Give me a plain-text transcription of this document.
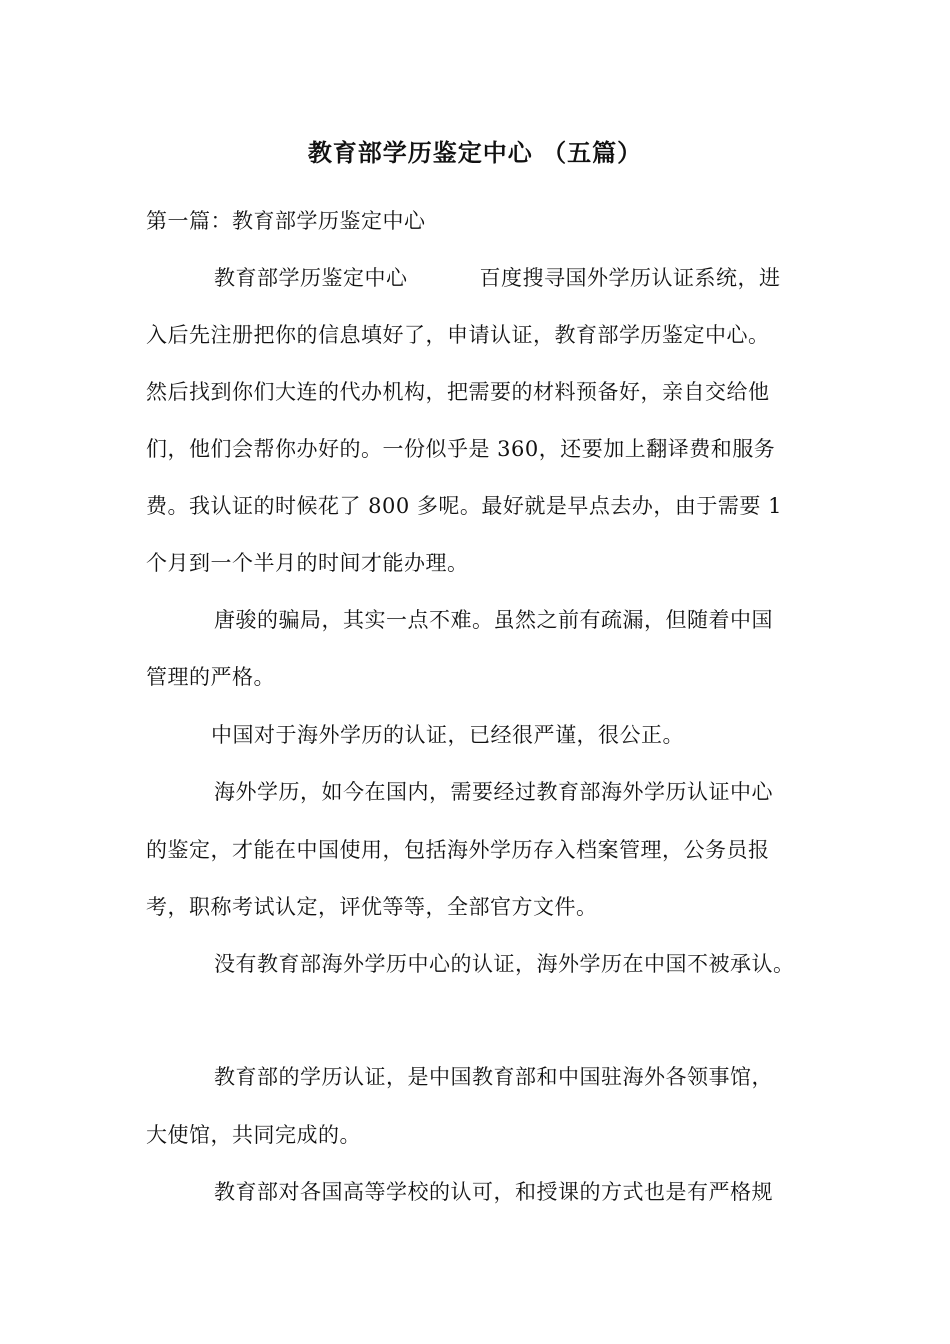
教育部学历鉴定中心 （五篇）
第一篇：教育部学历鉴定中心
教育部学历鉴定中心	百度搜寻国外学历认证系统，进
入后先注册把你的信息填好了，申请认证，教育部学历鉴定中心。
然后找到你们大连的代办机构，把需要的材料预备好，亲自交给他
们，他们会帮你办好的。一份似乎是 360，还要加上翻译费和服务
费。我认证的时候花了 800 多呢。最好就是早点去办，由于需要 1
个月到一个半月的时间才能办理。
唐骏的骗局，其实一点不难。虽然之前有疏漏，但随着中国
管理的严格。
中国对于海外学历的认证，已经很严谨，很公正。
海外学历，如今在国内，需要经过教育部海外学历认证中心
的鉴定，才能在中国使用，包括海外学历存入档案管理，公务员报
考，职称考试认定，评优等等，全部官方文件。
没有教育部海外学历中心的认证，海外学历在中国不被承认。
教育部的学历认证，是中国教育部和中国驻海外各领事馆，
大使馆，共同完成的。
教育部对各国高等学校的认可，和授课的方式也是有严格规
